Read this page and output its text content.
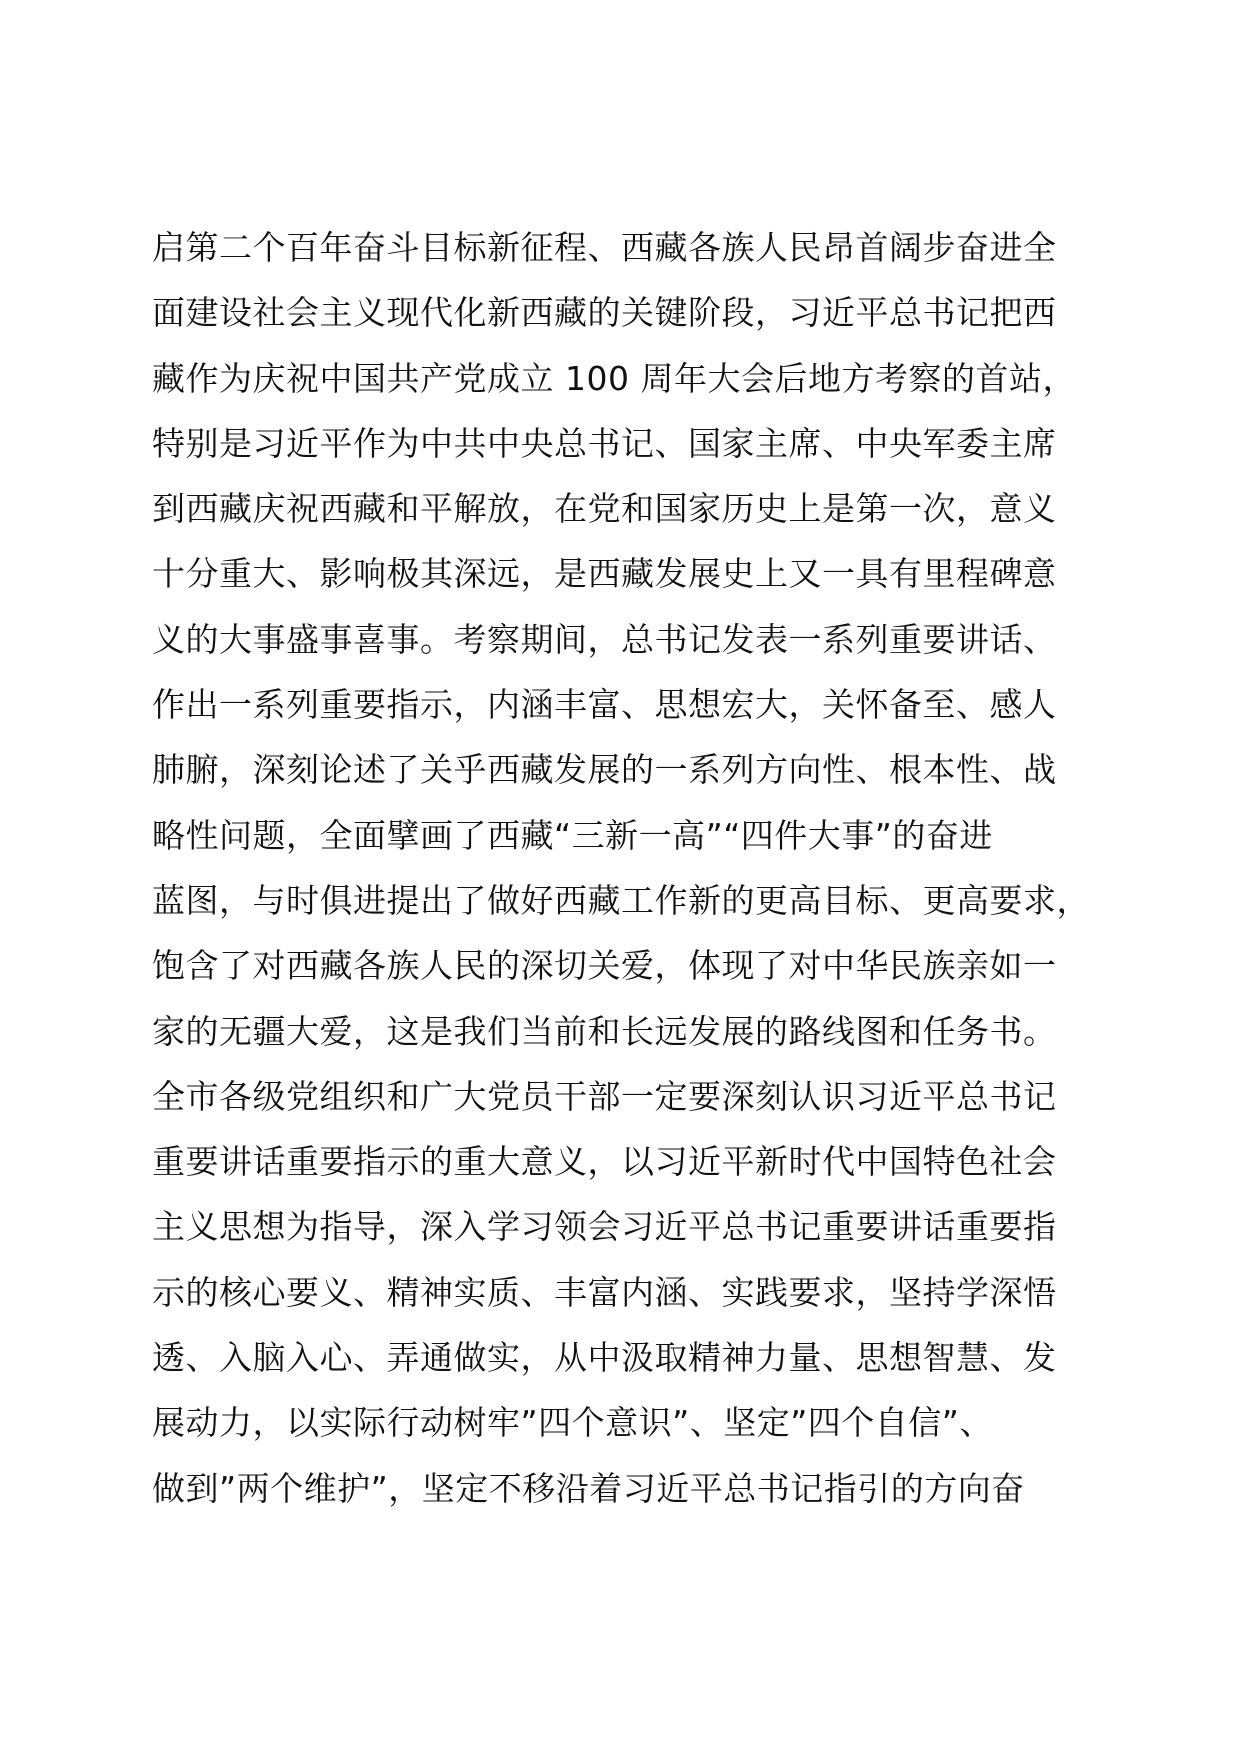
启第二个百年奋斗目标新征程、西藏各族人民昂首阔步奋进全
面建设社会主义现代化新西藏的关键阶段，习近平总书记把西
藏作为庆祝中国共产党成立 100 周年大会后地方考察的首站，
特别是习近平作为中共中央总书记、国家主席、中央军委主席
到西藏庆祝西藏和平解放，在党和国家历史上是第一次，意义
十分重大、影响极其深远，是西藏发展史上又一具有里程碑意
义的大事盛事喜事。考察期间，总书记发表一系列重要讲话、
作出一系列重要指示，内涵丰富、思想宏大，关怀备至、感人
肺腑，深刻论述了关乎西藏发展的一系列方向性、根本性、战
略性问题，全面擘画了西藏“三新一高”“四件大事”的奋进
蓝图，与时俱进提出了做好西藏工作新的更高目标、更高要求，
饱含了对西藏各族人民的深切关爱，体现了对中华民族亲如一
家的无疆大爱，这是我们当前和长远发展的路线图和任务书。
全市各级党组织和广大党员干部一定要深刻认识习近平总书记
重要讲话重要指示的重大意义，以习近平新时代中国特色社会
主义思想为指导，深入学习领会习近平总书记重要讲话重要指
示的核心要义、精神实质、丰富内涵、实践要求，坚持学深悟
透、入脑入心、弄通做实，从中汲取精神力量、思想智慧、发
展动力，以实际行动树牢”四个意识”、坚定”四个自信”、
做到”两个维护”，坚定不移沿着习近平总书记指引的方向奋
